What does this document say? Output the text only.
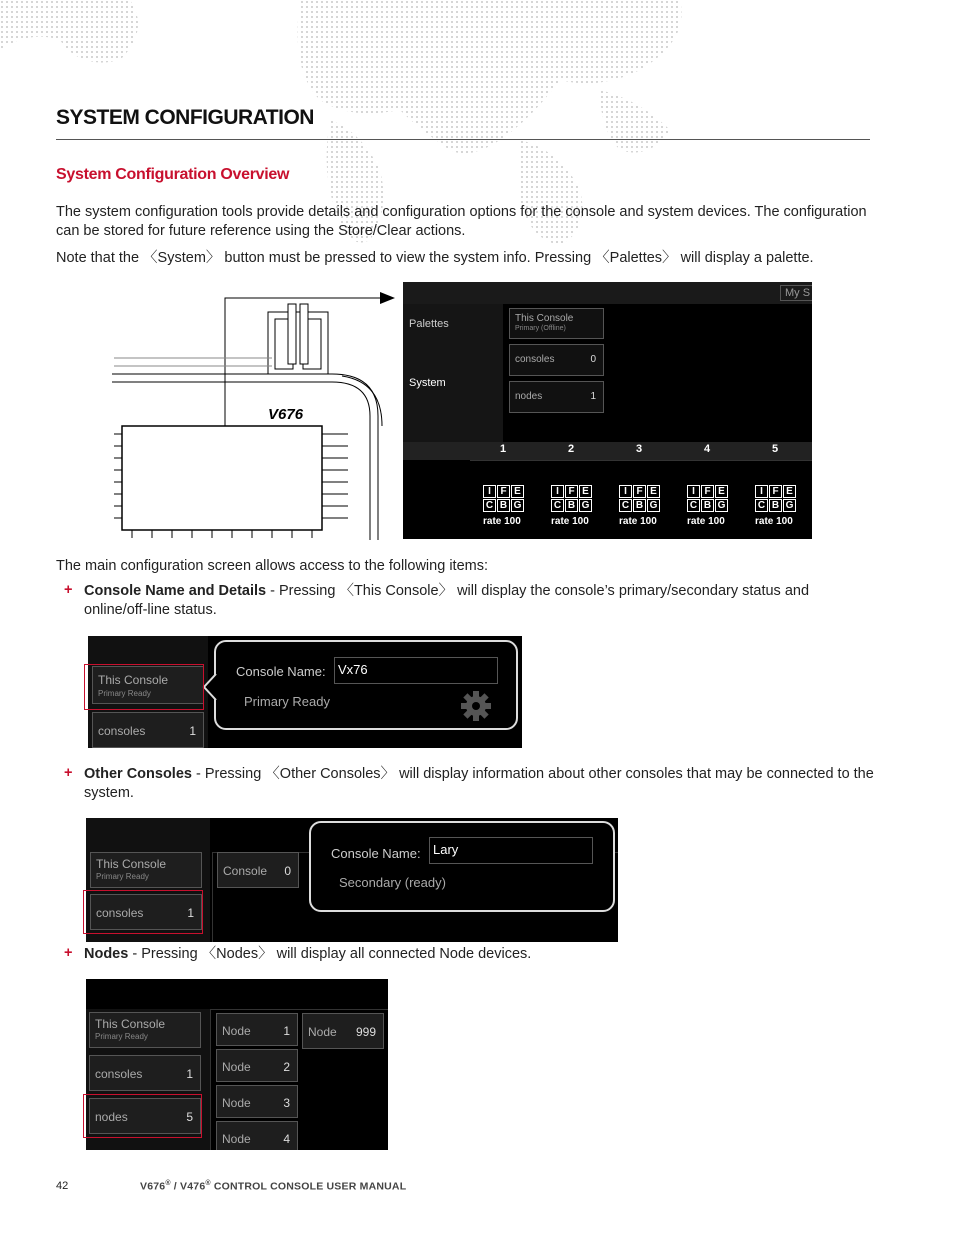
SYSTEM CONFIGURATION
System Configuration Overview
The system configuration tools provide details and configuration options for the console and system devices. The configuration can be stored for future reference using the Store/Clear actions.
Note that the 〈System〉 button must be pressed to view the system info. Pressing 〈Palettes〉 will display a palette.
V676
My S
Palettes
System
This Console
Primary (Offline)
consoles	0
nodes	1
1
I F E
C B G
rate 100
2
I F E
C B G
rate 100
3
I F E
C B G
rate 100
4
I F E
C B G
rate 100
5
I F E
C B G
rate 100
The main configuration screen allows access to the following items:
+ Console Name and Details - Pressing 〈This Console〉 will display the console’s primary/secondary status and online/off-line status.
This Console
Primary Ready
consoles	1
Console Name: Vx76
Primary Ready
+ Other Consoles - Pressing 〈Other Consoles〉 will display information about other consoles that may be connected to the system.
This Console
Primary Ready
consoles	1
Console 0
Console Name: Lary
Secondary (ready)
+ Nodes - Pressing 〈Nodes〉 will display all connected Node devices.
This Console
Primary Ready
consoles	1
nodes	5
Node	1
Node	2
Node	3
Node	4
Node 999
42	V676® / V476® CONTROL CONSOLE USER MANUAL
